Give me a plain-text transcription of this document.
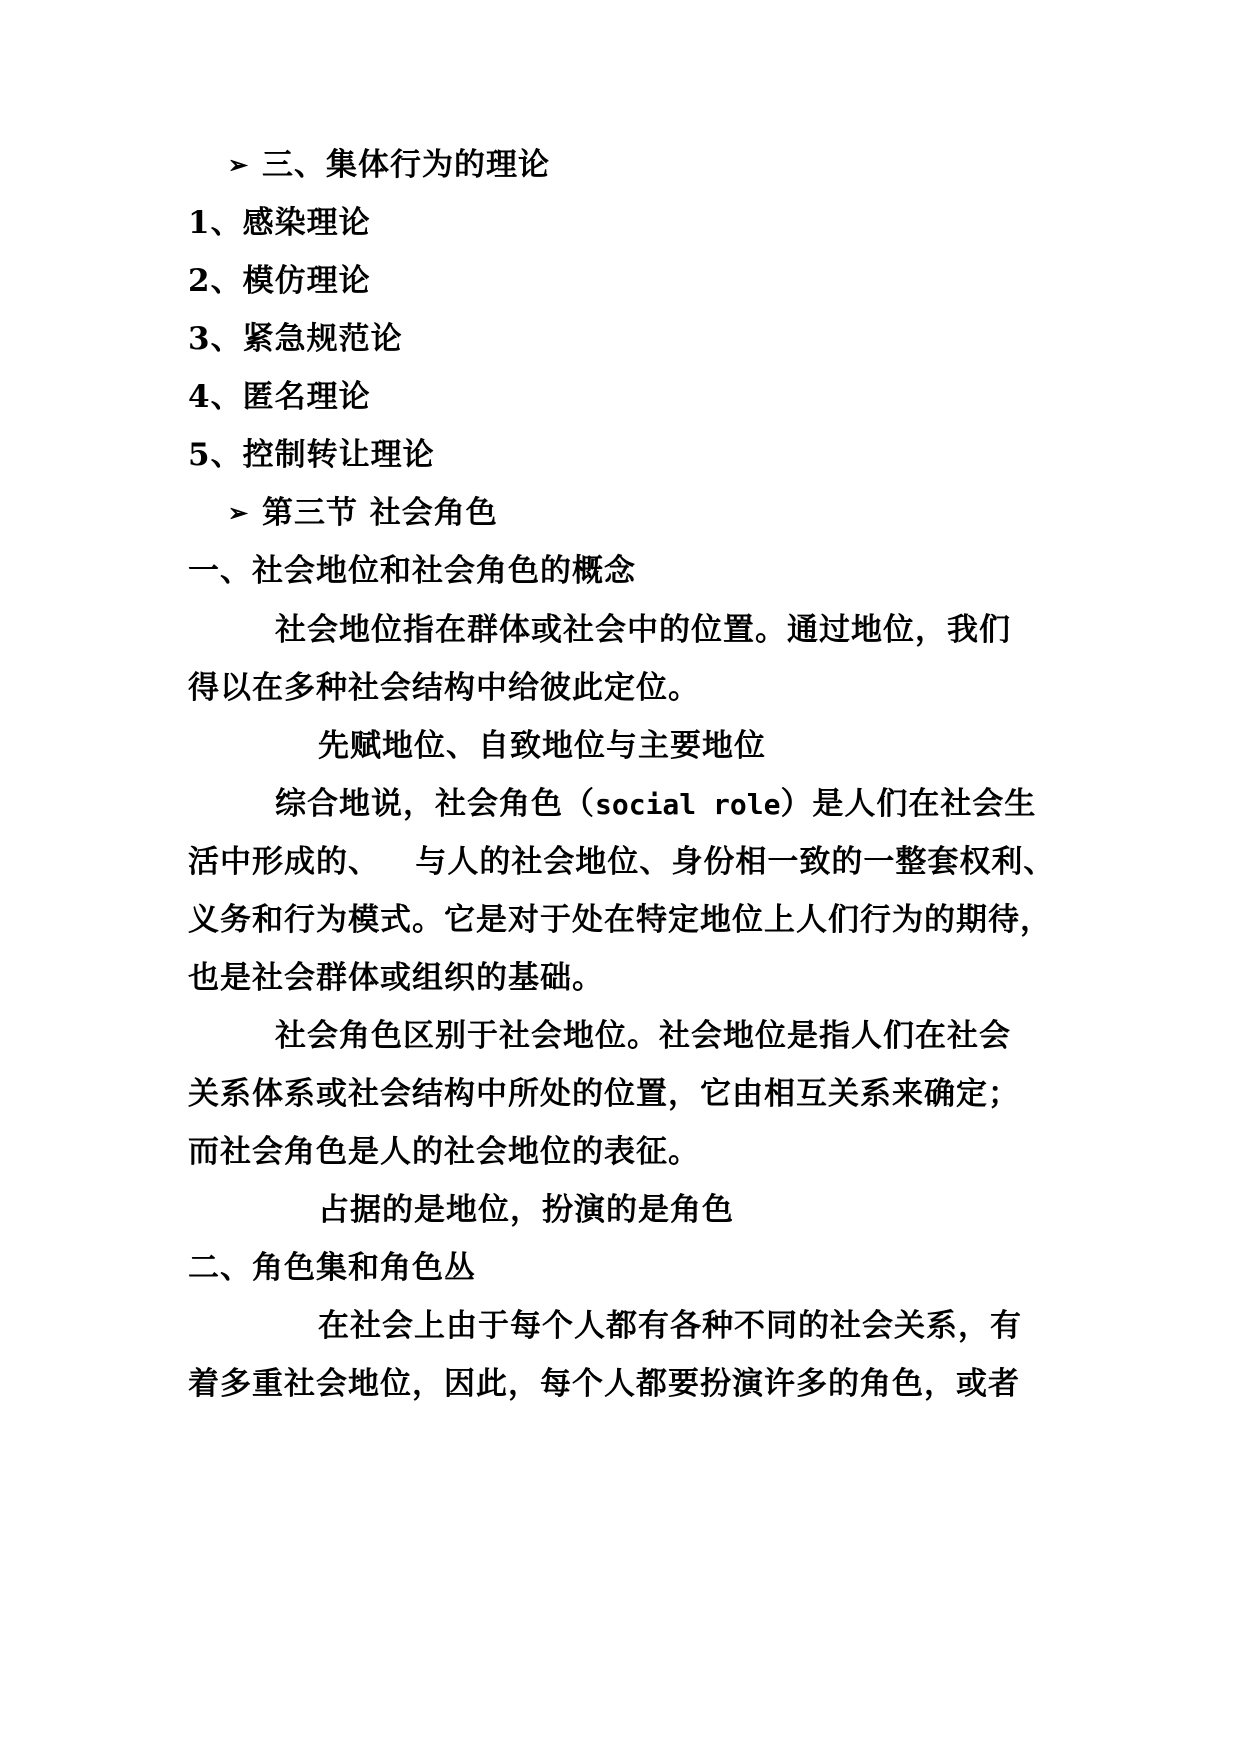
➢ 三、集体行为的理论
1、感染理论
2、模仿理论
3、紧急规范论
4、匿名理论
5、控制转让理论
➢ 第三节 社会角色
一、社会地位和社会角色的概念
社会地位指在群体或社会中的位置。通过地位，我们
得以在多种社会结构中给彼此定位。
先赋地位、自致地位与主要地位
综合地说，社会角色（social role）是人们在社会生
活中形成的、   与人的社会地位、身份相一致的一整套权利、
义务和行为模式。它是对于处在特定地位上人们行为的期待，
也是社会群体或组织的基础。
社会角色区别于社会地位。社会地位是指人们在社会
关系体系或社会结构中所处的位置，它由相互关系来确定；
而社会角色是人的社会地位的表征。
占据的是地位，扮演的是角色
二、角色集和角色丛
在社会上由于每个人都有各种不同的社会关系，有
着多重社会地位，因此，每个人都要扮演许多的角色，或者
